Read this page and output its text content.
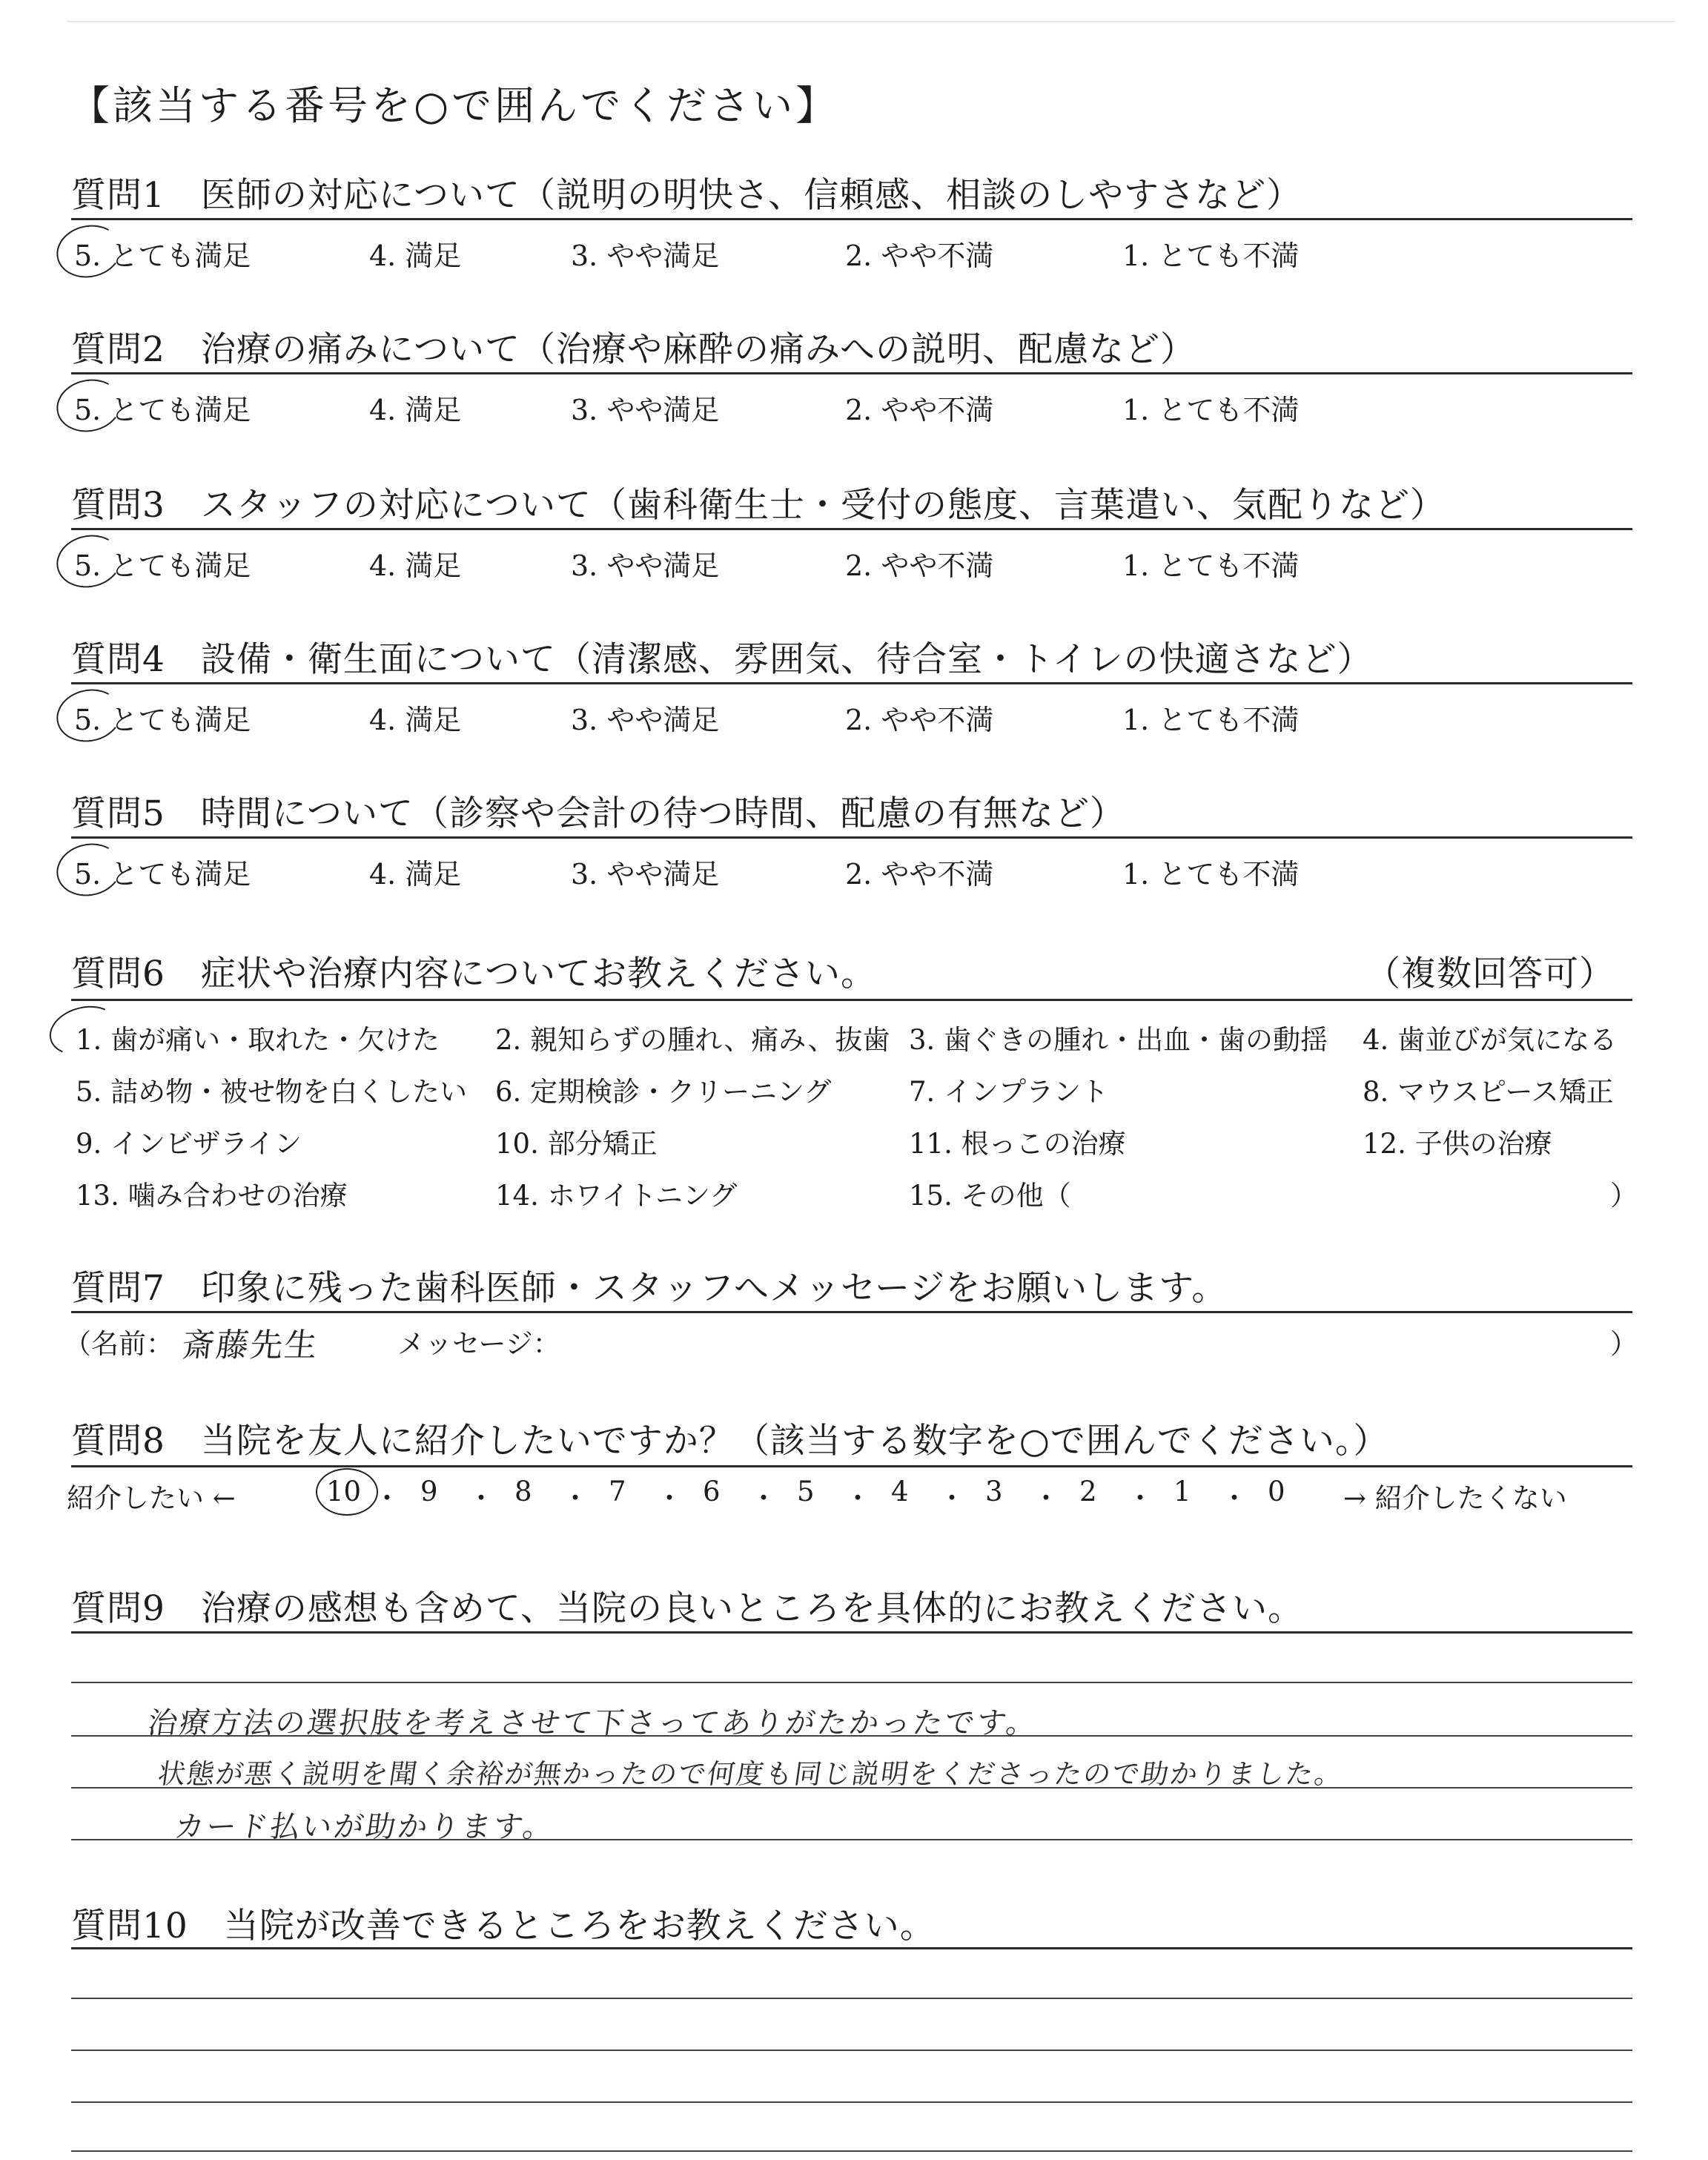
【該当する番号を○で囲んでください】
質問1　医師の対応について（説明の明快さ、信頼感、相談のしやすさなど）
5. とても満足	4. 満足	3. やや満足	2. やや不満	1. とても不満
質問2　治療の痛みについて（治療や麻酔の痛みへの説明、配慮など）
5. とても満足	4. 満足	3. やや満足	2. やや不満	1. とても不満
質問3　スタッフの対応について（歯科衛生士・受付の態度、言葉遣い、気配りなど）
5. とても満足	4. 満足	3. やや満足	2. やや不満	1. とても不満
質問4　設備・衛生面について（清潔感、雰囲気、待合室・トイレの快適さなど）
5. とても満足	4. 満足	3. やや満足	2. やや不満	1. とても不満
質問5　時間について（診察や会計の待つ時間、配慮の有無など）
5. とても満足	4. 満足	3. やや満足	2. やや不満	1. とても不満
質問6　症状や治療内容についてお教えください。	（複数回答可）
1. 歯が痛い・取れた・欠けた 2. 親知らずの腫れ、痛み、抜歯 3. 歯ぐきの腫れ・出血・歯の動揺 4. 歯並びが気になる
5. 詰め物・被せ物を白くしたい 6. 定期検診・クリーニング	7. インプラント	8. マウスピース矯正
9. インビザライン	10. 部分矯正	11. 根っこの治療	12. 子供の治療
13. 噛み合わせの治療	14. ホワイトニング	15. その他（	）
質問7　印象に残った歯科医師・スタッフへメッセージをお願いします。
（名前： 斎藤先生	メッセージ：	）
質問8　当院を友人に紹介したいですか？（該当する数字を○で囲んでください。）
紹介したい ←	10 ・ 9 ・ 8 ・ 7 ・ 6 ・ 5 ・ 4 ・ 3 ・ 2 ・ 1 ・ 0 → 紹介したくない
質問9　治療の感想も含めて、当院の良いところを具体的にお教えください。
治療方法の選択肢を考えさせて下さってありがたかったです。
状態が悪く説明を聞く余裕が無かったので何度も同じ説明をくださったので助かりました。
カード払いが助かります。
質問10　当院が改善できるところをお教えください。
